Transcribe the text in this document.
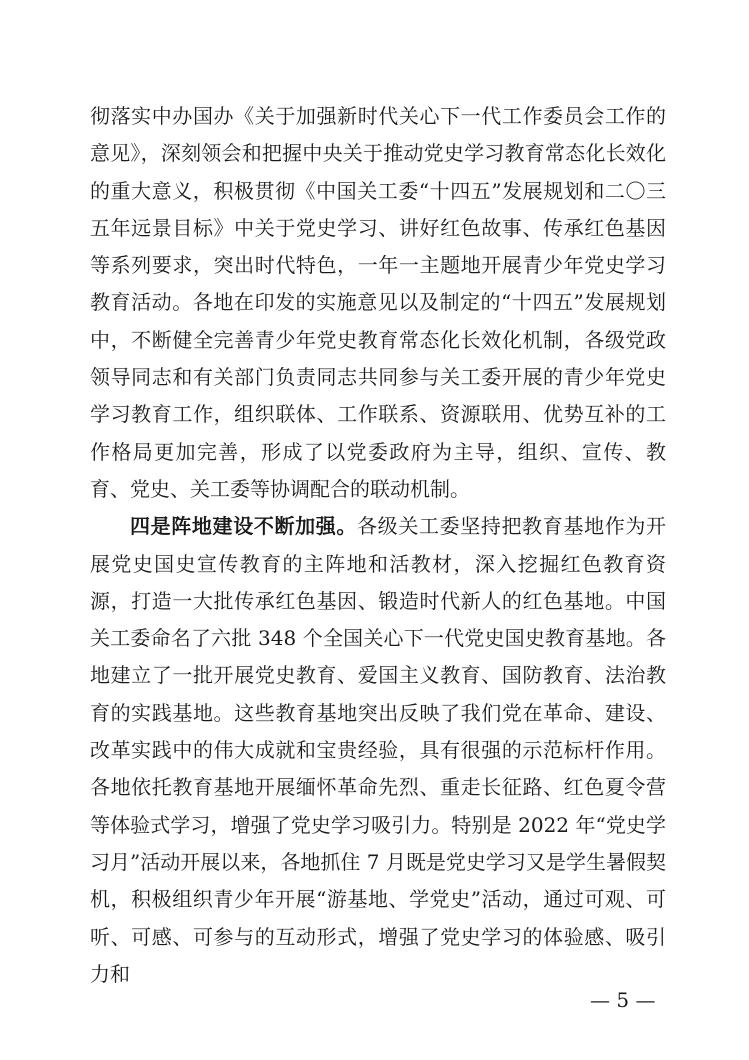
彻落实中办国办《关于加强新时代关心下一代工作委员会工作的意见》，深刻领会和把握中央关于推动党史学习教育常态化长效化的重大意义，积极贯彻《中国关工委“十四五”发展规划和二〇三五年远景目标》中关于党史学习、讲好红色故事、传承红色基因等系列要求，突出时代特色，一年一主题地开展青少年党史学习教育活动。各地在印发的实施意见以及制定的“十四五”发展规划中，不断健全完善青少年党史教育常态化长效化机制，各级党政领导同志和有关部门负责同志共同参与关工委开展的青少年党史学习教育工作，组织联体、工作联系、资源联用、优势互补的工作格局更加完善，形成了以党委政府为主导，组织、宣传、教育、党史、关工委等协调配合的联动机制。

四是阵地建设不断加强。各级关工委坚持把教育基地作为开展党史国史宣传教育的主阵地和活教材，深入挖掘红色教育资源，打造一大批传承红色基因、锻造时代新人的红色基地。中国关工委命名了六批 348 个全国关心下一代党史国史教育基地。各地建立了一批开展党史教育、爱国主义教育、国防教育、法治教育的实践基地。这些教育基地突出反映了我们党在革命、建设、改革实践中的伟大成就和宝贵经验，具有很强的示范标杆作用。各地依托教育基地开展缅怀革命先烈、重走长征路、红色夏令营等体验式学习，增强了党史学习吸引力。特别是 2022 年“党史学习月”活动开展以来，各地抓住 7 月既是党史学习又是学生暑假契机，积极组织青少年开展“游基地、学党史”活动，通过可观、可听、可感、可参与的互动形式，增强了党史学习的体验感、吸引力和

— 5 —
